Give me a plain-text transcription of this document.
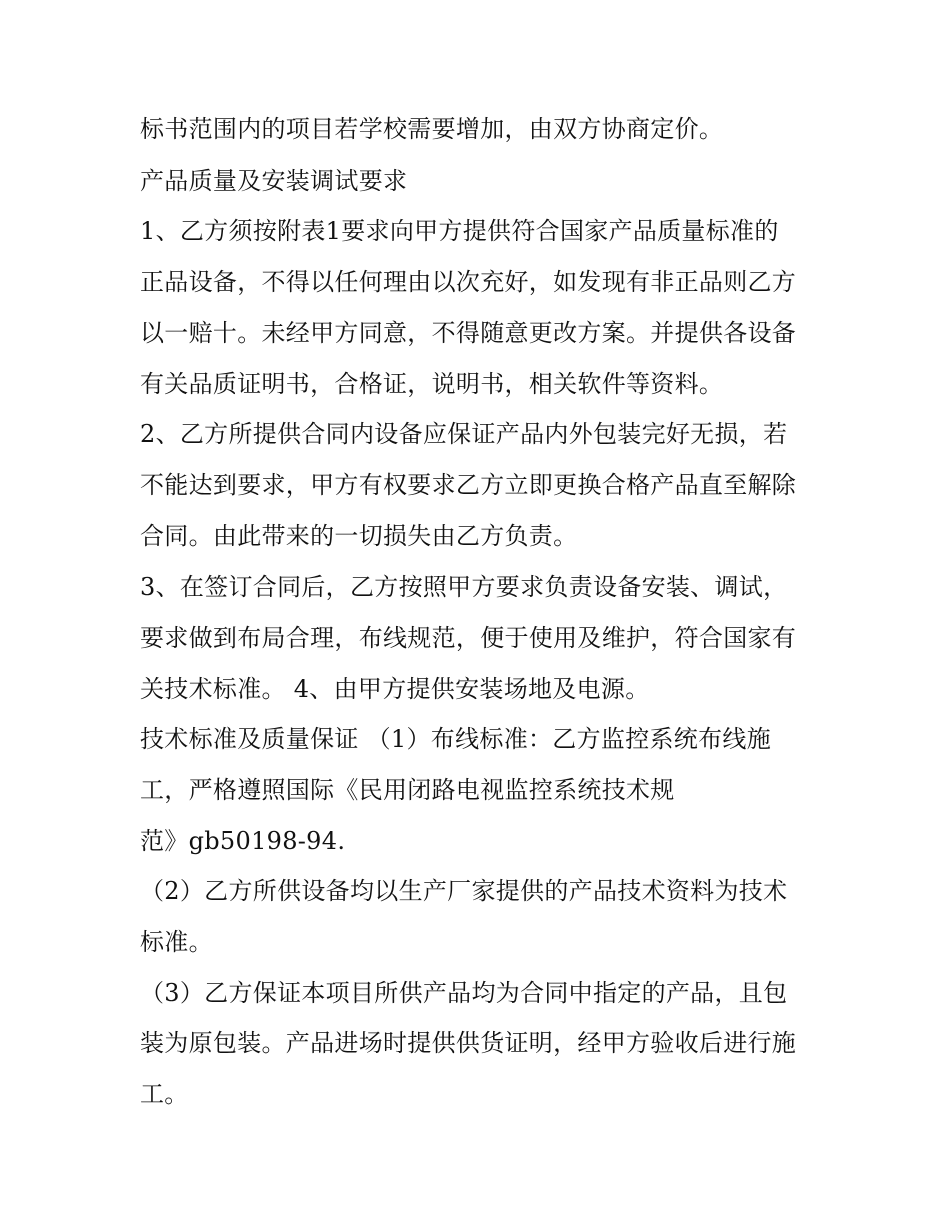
标书范围内的项目若学校需要增加，由双方协商定价。
产品质量及安装调试要求
1、乙方须按附表1要求向甲方提供符合国家产品质量标准的
正品设备，不得以任何理由以次充好，如发现有非正品则乙方
以一赔十。未经甲方同意，不得随意更改方案。并提供各设备
有关品质证明书，合格证，说明书，相关软件等资料。
2、乙方所提供合同内设备应保证产品内外包装完好无损，若
不能达到要求，甲方有权要求乙方立即更换合格产品直至解除
合同。由此带来的一切损失由乙方负责。
3、在签订合同后，乙方按照甲方要求负责设备安装、调试，
要求做到布局合理，布线规范，便于使用及维护，符合国家有
关技术标准。 4、由甲方提供安装场地及电源。
技术标准及质量保证 （1）布线标准：乙方监控系统布线施
工，严格遵照国际《民用闭路电视监控系统技术规
范》gb50198-94.
（2）乙方所供设备均以生产厂家提供的产品技术资料为技术
标准。
（3）乙方保证本项目所供产品均为合同中指定的产品，且包
装为原包装。产品进场时提供供货证明，经甲方验收后进行施
工。
